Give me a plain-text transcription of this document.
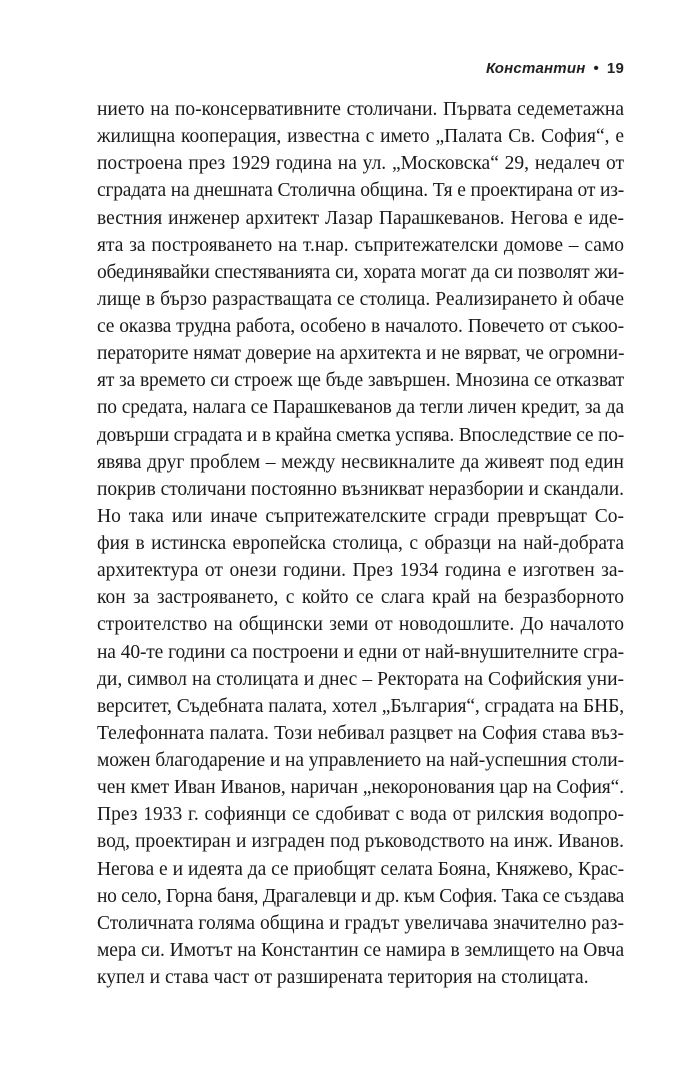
Константин • 19
нието на по-консервативните столичани. Първата седеметажна
жилищна кооперация, известна с името „Палата Св. София“, е
построена през 1929 година на ул. „Московска“ 29, недалеч от
сградата на днешната Столична община. Тя е проектирана от из-
вестния инженер архитект Лазар Парашкеванов. Негова е иде-
ята за построяването на т.нар. съпритежателски домове – само
обединявайки спестяванията си, хората могат да си позволят жи-
лище в бързо разрастващата се столица. Реализирането ѝ обаче
се оказва трудна работа, особено в началото. Повечето от съкоо-
ператорите нямат доверие на архитекта и не вярват, че огромни-
ят за времето си строеж ще бъде завършен. Мнозина се отказват
по средата, налага се Парашкеванов да тегли личен кредит, за да
довърши сградата и в крайна сметка успява. Впоследствие се по-
явява друг проблем – между несвикналите да живеят под един
покрив столичани постоянно възникват неразбории и скандали.
Но така или иначе съпритежателските сгради превръщат Со-
фия в истинска европейска столица, с образци на най-добрата
архитектура от онези години. През 1934 година е изготвен за-
кон за застрояването, с който се слага край на безразборното
строителство на общински земи от новодошлите. До началото
на 40-те години са построени и едни от най-внушителните сгра-
ди, символ на столицата и днес – Ректората на Софийския уни-
верситет, Съдебната палата, хотел „България“, сградата на БНБ,
Телефонната палата. Този небивал разцвет на София става въз-
можен благодарение и на управлението на най-успешния столи-
чен кмет Иван Иванов, наричан „некоронования цар на София“.
През 1933 г. софиянци се сдобиват с вода от рилския водопро-
вод, проектиран и изграден под ръководството на инж. Иванов.
Негова е и идеята да се приобщят селата Бояна, Княжево, Крас-
но село, Горна баня, Драгалевци и др. към София. Така се създава
Столичната голяма община и градът увеличава значително раз-
мера си. Имотът на Константин се намира в землището на Овча
купел и става част от разширената територия на столицата.
